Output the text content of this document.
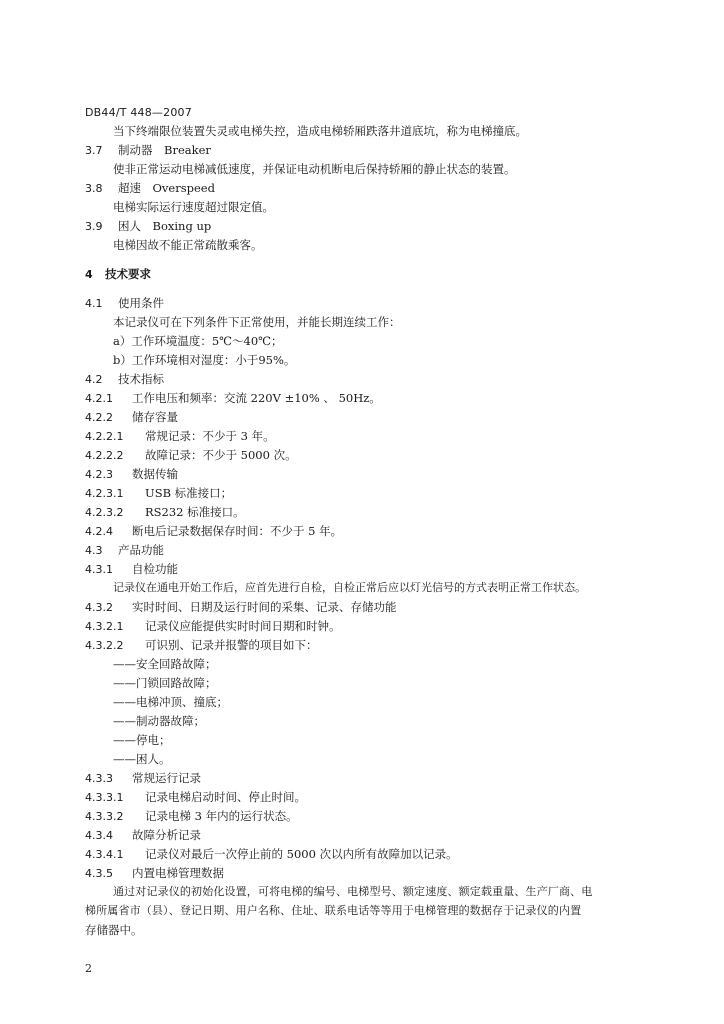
DB44/T 448—2007
当下终端限位装置失灵或电梯失控，造成电梯轿厢跌落井道底坑，称为电梯撞底。
3.7 制动器　Breaker
使非正常运动电梯减低速度，并保证电动机断电后保持轿厢的静止状态的装置。
3.8 超速　Overspeed
电梯实际运行速度超过限定值。
3.9 困人　Boxing up
电梯因故不能正常疏散乘客。
4 技术要求
4.1 使用条件
本记录仪可在下列条件下正常使用，并能长期连续工作：
a）工作环境温度：5℃～40℃；
b）工作环境相对湿度：小于95%。
4.2 技术指标
4.2.1 工作电压和频率：交流 220V ±10% 、 50Hz。
4.2.2 储存容量
4.2.2.1 常规记录：不少于 3 年。
4.2.2.2 故障记录：不少于 5000 次。
4.2.3 数据传输
4.2.3.1 USB 标准接口；
4.2.3.2 RS232 标准接口。
4.2.4 断电后记录数据保存时间：不少于 5 年。
4.3 产品功能
4.3.1 自检功能
记录仪在通电开始工作后，应首先进行自检，自检正常后应以灯光信号的方式表明正常工作状态。
4.3.2 实时时间、日期及运行时间的采集、记录、存储功能
4.3.2.1 记录仪应能提供实时时间日期和时钟。
4.3.2.2 可识别、记录并报警的项目如下：
——安全回路故障；
——门锁回路故障；
——电梯冲顶、撞底；
——制动器故障；
——停电；
——困人。
4.3.3 常规运行记录
4.3.3.1 记录电梯启动时间、停止时间。
4.3.3.2 记录电梯 3 年内的运行状态。
4.3.4 故障分析记录
4.3.4.1 记录仪对最后一次停止前的 5000 次以内所有故障加以记录。
4.3.5 内置电梯管理数据
通过对记录仪的初始化设置，可将电梯的编号、电梯型号、额定速度、额定载重量、生产厂商、电
梯所属省市（县）、登记日期、用户名称、住址、联系电话等等用于电梯管理的数据存于记录仪的内置
存储器中。
2
